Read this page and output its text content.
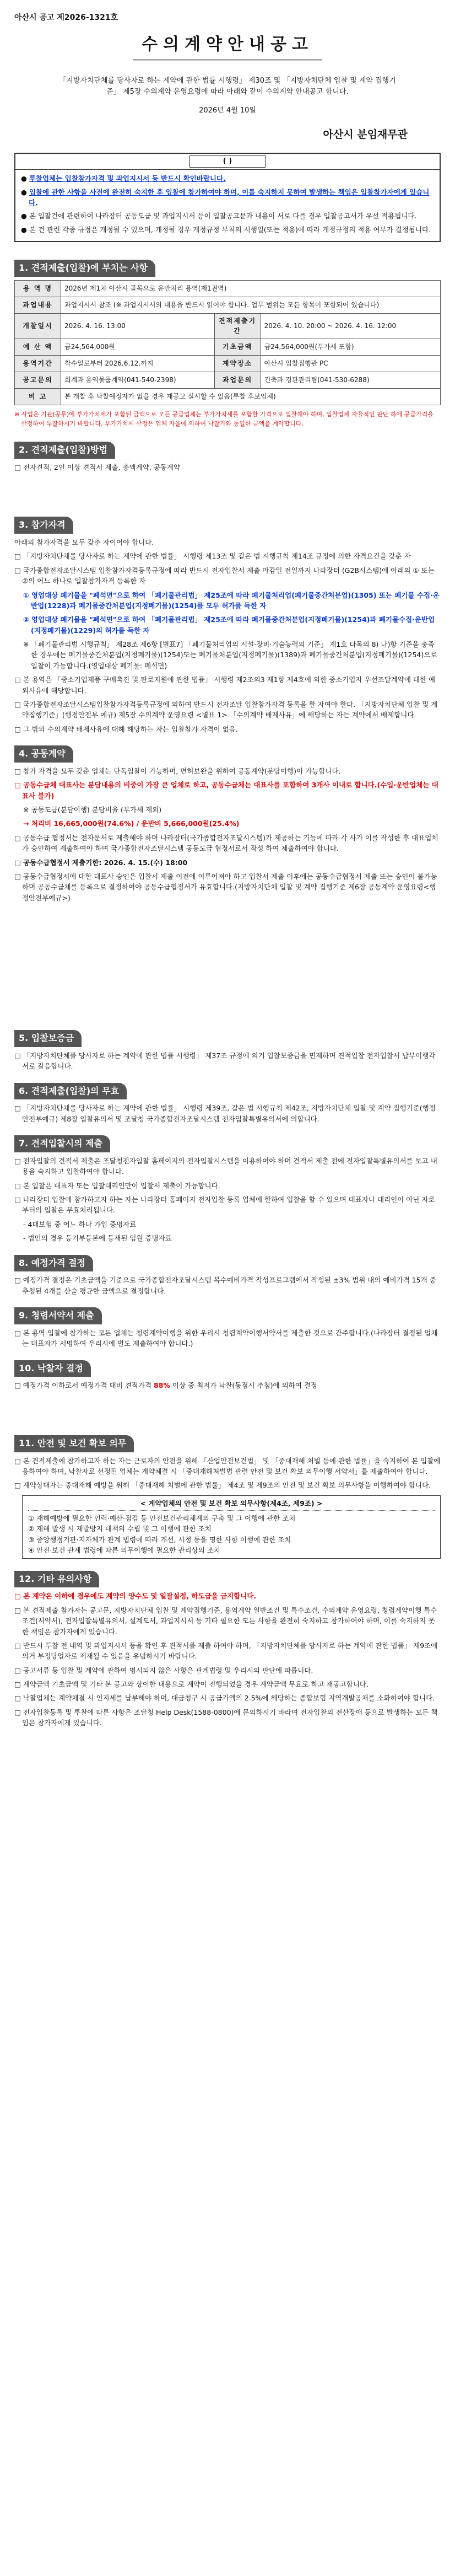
아산시 공고 제2026-1321호
수의계약안내공고
「지방자치단체를 당사자로 하는 계약에 관한 법률 시행령」 제30조 및 「지방자치단체 입찰 및 계약 집행기준」 제5장 수의계약 운영요령에 따라 아래와 같이 수의계약 안내공고 합니다.
2026년 4월 10일
아산시 분임재무관
( )

● 투찰업체는 입찰참가자격 및 과업지시서 등 반드시 확인바랍니다.

● 입찰에 관한 사항을 사전에 완전히 숙지한 후 입찰에 참가하여야 하며, 이를 숙지하지 못하여 발생하는 책임은 입찰참가자에게 있습니다.

● 본 입찰건에 관련하여 나라장터 공동도급 및 과업지시서 등이 입찰공고문과 내용이 서로 다를 경우 입찰공고서가 우선 적용됩니다.

● 본 건 관련 각종 규정은 개정될 수 있으며, 개정될 경우 개정규정 부칙의 시행일(또는 적용)에 따라 개정규정의 적용 여부가 결정됩니다.

1. 견적제출(입찰)에 부치는 사항
용 역 명	2026년 제1차 아산시 골목으로 운반처리 용역(제1권역)		
과업내용	과업지시서 참조 (※ 과업지시서의 내용을 반드시 읽어야 합니다. 업무 범위는 모든 항목이 포함되어 있습니다)		
개찰일시	2026. 4. 16. 13:00	견적제출기간	2026. 4. 10. 20:00 ~ 2026. 4. 16. 12:00
예 산 액	금24,564,000원	기초금액	금24,564,000원(부가세 포함)
용역기간	착수일로부터 2026.6.12.까지	계약장소	아산시 입찰집행관 PC
공고문의	회계과 용역물품계약(041-540-2398)	과업문의	건축과 경관관리팀(041-530-6288)
비 고	본 개찰 후 낙찰예정자가 없을 경우 재공고 실시할 수 있음(투찰 후보업체)		
※ 사업은 기관(공무)에 부가가치세가 포함된 금액으로 모든 공급업체는 부가가치세를 포함한 가격으로 입찰해야 하며, 입찰업체 자율적인 판단 하에 공급가격을 산정하여 투찰하시기 바랍니다. 부가가치세 산정은 업체 자율에 의하여 낙찰가와 동일한 금액을 계약합니다.
2. 견적제출(입찰)방법
□ 전자견적, 2인 이상 견적서 제출, 총액계약, 공동계약
3. 참가자격
아래의 참가자격을 모두 갖춘 자이어야 합니다.
□ 「지방자치단체를 당사자로 하는 계약에 관한 법률」 시행령 제13조 및 같은 법 시행규칙 제14조 규정에 의한 자격요건을 갖춘 자
□ 국가종합전자조달시스템 입찰참가자격등록규정에 따라 반드시 전자입찰서 제출 마감일 전일까지 나라장터 (G2B시스템)에 아래의 ① 또는 ②의 어느 하나로 입찰참가자격 등록한 자
① 영업대상 폐기물을 "폐석면"으로 하여 「폐기물관리법」 제25조에 따라 폐기물처리업(폐기물중간처분업)(1305) 또는 폐기물 수집·운반업(1228)과 폐기물중간처분업(지정폐기물)(1254)를 모두 허가를 득한 자
② 영업대상 폐기물을 "폐석면"으로 하여 「폐기물관리법」 제25조에 따라 폐기물중간처분업(지정폐기물)(1254)과 폐기물수집·운반업(지정폐기물)(1229)의 허가를 득한 자
※ 「폐기물관리법 시행규칙」 제28조 제6항 [별표7] 「폐기물처리업의 시설·장비·기술능력의 기준」 제1호 다목의 8) 나)항 기준을 충족한 경우에는 폐기물중간처분업(지정폐기물)(1254)또는 폐기물처분업(지정폐기물)(1389)과 폐기물중간처분업(지정폐기물)(1254)으로 입찰이 가능합니다.(영업대상 폐기물: 폐석면)
□ 본 용역은 「중소기업제품 구매촉진 및 판로지원에 관한 법률」 시행령 제2조의3 제1항 제4호에 의한 중소기업자 우선조달계약에 대한 예외사유에 해당합니다.
□ 국가종합전자조달시스템입찰참가자격등록규정에 의하여 반드시 전자조달 입찰참가자격 등록을 한 자여야 한다. 「지방자치단체 입찰 및 계약집행기준」(행정안전부 예규) 제5장 수의계약 운영요령 <별표 1> 「수의계약 배제사유」에 해당하는 자는 계약에서 배제합니다.
□ 그 밖의 수의계약 배제사유에 대해 해당하는 자는 입찰참가 자격이 없음.
4. 공동계약
□ 참가 자격을 모두 갖춘 업체는 단독입찰이 가능하며, 면허보완을 위하여 공동계약(분담이행)이 가능합니다.
□ 공동수급체 대표사는 분담내용의 비중이 가장 큰 업체로 하고, 공동수급체는 대표사를 포함하여 3개사 이내로 합니다.(수입·운반업체는 대표사 불가)
※ 공동도급(분담이행) 분담비율 (부가세 제외)
→ 처리비 16,665,000원(74.6%) / 운반비 5,666,000원(25.4%)
□ 공동수급 협정서는 전자문서로 제출해야 하며 나라장터(국가종합전자조달시스템)가 제공하는 기능에 따라 각 사가 이를 작성한 후 대표업체가 승인하여 제출하여야 하며 국가종합전자조달시스템 공동도급 협정서로서 작성 하여 제출하여야 합니다.
□ 공동수급협정서 제출기한: 2026. 4. 15.(수) 18:00
□ 공동수급협정서에 대한 대표사 승인은 입찰서 제출 이전에 이루어져야 하고 입찰서 제출 이후에는 공동수급협정서 제출 또는 승인이 불가능하며 공동수급체를 등록으로 결정하여야 공동수급협정서가 유효합니다.(지방자치단체 입찰 및 계약 집행기준 제6장 공동계약 운영요령<행정안전부예규>)
5. 입찰보증금
□ 「지방자치단체를 당사자로 하는 계약에 관한 법률 시행령」 제37조 규정에 의거 입찰보증금을 면제하며 견적입찰 전자입찰서 납부이행각서로 갈음합니다.
6. 견적제출(입찰)의 무효
□ 「지방자치단체를 당사자로 하는 계약에 관한 법률」 시행령 제39조, 같은 법 시행규칙 제42조, 지방자치단체 입찰 및 계약 집행기준(행정안전부예규) 제8장 입찰유의서 및 조달청 국가종합전자조달시스템 전자입찰특별유의서에 의합니다.
7. 견적입찰시의 제출
□ 전자입찰의 견적서 제출은 조달청전자입찰 홈페이지의 전자입찰시스템을 이용하여야 하며 견적서 제출 전에 전자입찰특별유의서를 보고 내용을 숙지하고 입찰하여야 합니다.
□ 본 입찰은 대표자 또는 입찰대리인만이 입찰서 제출이 가능합니다.
□ 나라장터 입찰에 참가하고자 하는 자는 나라장터 홈페이지 전자입찰 등록 업체에 한하여 입찰을 할 수 있으며 대표자나 대리인이 아닌 자로부터의 입찰은 무효처리됩니다.
- 4대보험 중 어느 하나 가입 증명자료
- 법인의 경우 등기부등본에 등재된 임원 증명자료
8. 예정가격 결정
□ 예정가격 결정은 기초금액을 기준으로 국가종합전자조달시스템 복수예비가격 작성프로그램에서 작성된 ±3% 범위 내의 예비가격 15개 중 추첨된 4개를 산술 평균한 금액으로 결정합니다.
9. 청렴서약서 제출
□ 본 용역 입찰에 참가하는 모든 업체는 청렴계약이행을 위한 우리시 청렴계약이행서약서를 제출한 것으로 간주합니다.(나라장터 결정된 업체는 대표자가 서명하여 우리시에 별도 제출하여야 합니다.)
10. 낙찰자 결정
□ 예정가격 이하로서 예정가격 대비 견적가격 88% 이상 중 최저가 낙찰(동점시 추첨)에 의하여 결정
11. 안전 및 보건 확보 의무
□ 본 견적제출에 참가하고자 하는 자는 근로자의 안전을 위해 「산업안전보건법」 및 「중대재해 처벌 등에 관한 법률」을 숙지하여 본 입찰에 응하여야 하며, 낙찰자로 선정된 업체는 계약체결 시 「중대재해처벌법 관련 안전 및 보건 확보 의무이행 서약서」를 제출하여야 합니다.
□ 계약상대자는 중대재해 예방을 위해 「중대재해 처벌에 관한 법률」 제4조 및 제9조의 안전 및 보건 확보 의무사항을 이행하여야 합니다.
< 계약업체의 안전 및 보건 확보 의무사항(제4조, 제9조) >
① 재해예방에 필요한 인력·예산·점검 등 안전보건관리체계의 구축 및 그 이행에 관한 조치
② 재해 발생 시 재발방지 대책의 수립 및 그 이행에 관한 조치
③ 중앙행정기관·지자체가 관계 법령에 따라 개선, 시정 등을 명한 사항 이행에 관한 조치
④ 안전·보건 관계 법령에 따른 의무이행에 필요한 관리상의 조치
12. 기타 유의사항
□ 본 계약은 이하에 경우에도 계약의 양수도 및 일괄설정, 하도급을 금지합니다.
□ 본 견적제출 참가자는 공고문, 지방자치단체 입찰 및 계약집행기준, 용역계약 일반조건 및 특수조건, 수의계약 운영요령, 청렴계약이행 특수조건(서약서), 전자입찰특별유의서, 설계도서, 과업지시서 등 기타 필요한 모든 사항을 완전히 숙지하고 참가하여야 하며, 이를 숙지하지 못한 책임은 참가자에게 있습니다.
□ 반드시 투찰 전 내역 및 과업지시서 등을 확인 후 견적서를 제출 하여야 하며, 「지방자치단체를 당사자로 하는 계약에 관한 법률」 제9조에 의거 부정당업자로 제재될 수 있음을 유념하시기 바랍니다.
□ 공고서류 등 입찰 및 계약에 관하여 명시되지 않은 사항은 관계법령 및 우리시의 판단에 따릅니다.
□ 계약금액 기초금액 및 기타 본 공고와 상이한 내용으로 계약이 진행되었을 경우 계약금액 무효로 하고 재공고합니다.
□ 낙찰업체는 계약체결 시 인지세를 납부해야 하며, 대금청구 시 공급가액의 2.5%에 해당하는 종합보험 지역개발공채를 소화하여야 합니다.
□ 전자입찰등록 및 투찰에 따른 사항은 조달청 Help Desk(1588-0800)에 문의하시기 바라며 전자입찰의 전산장애 등으로 발생하는 모든 책임은 참가자에게 있습니다.
